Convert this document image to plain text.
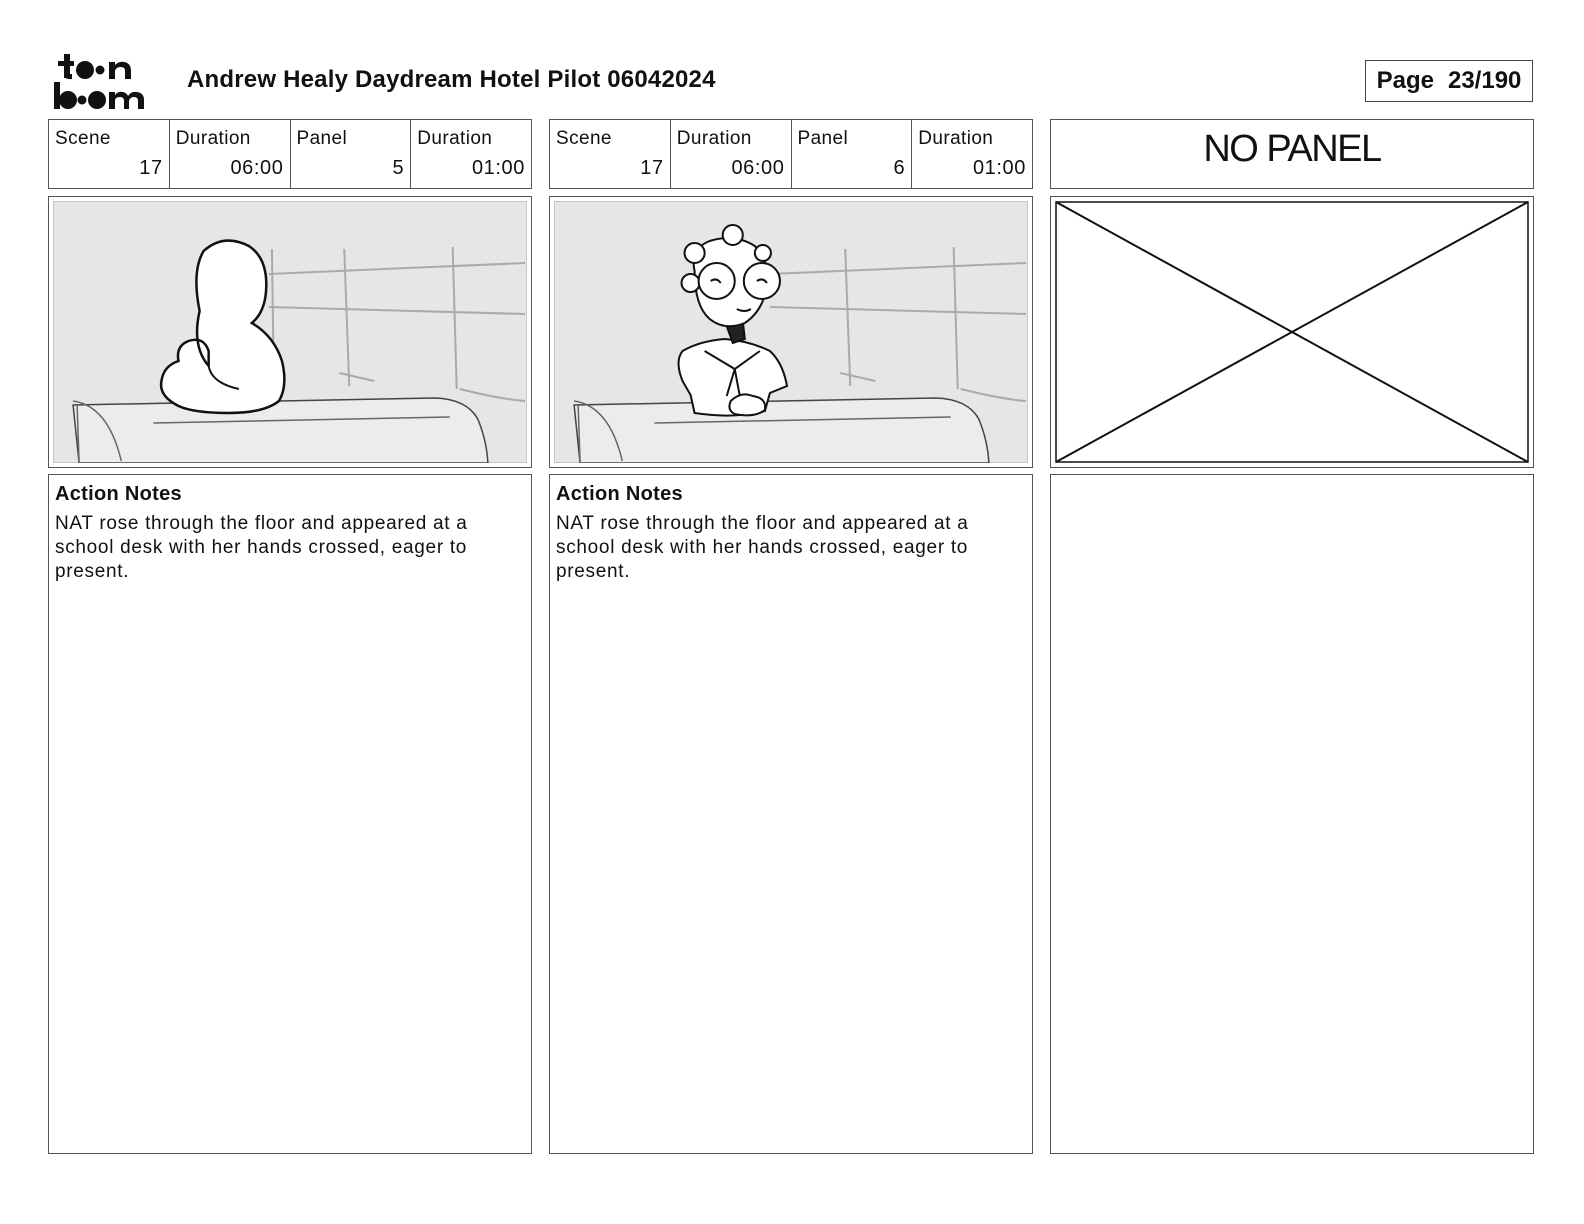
Andrew Healy Daydream Hotel Pilot 06042024	Page 23/190
Scene
17
Duration
06:00
Panel
5
Duration
01:00
Action Notes
NAT rose through the floor and appeared at a school desk with her hands crossed, eager to present.
Scene
17
Duration
06:00
Panel
6
Duration
01:00
Action Notes
NAT rose through the floor and appeared at a school desk with her hands crossed, eager to present.
NO PANEL
